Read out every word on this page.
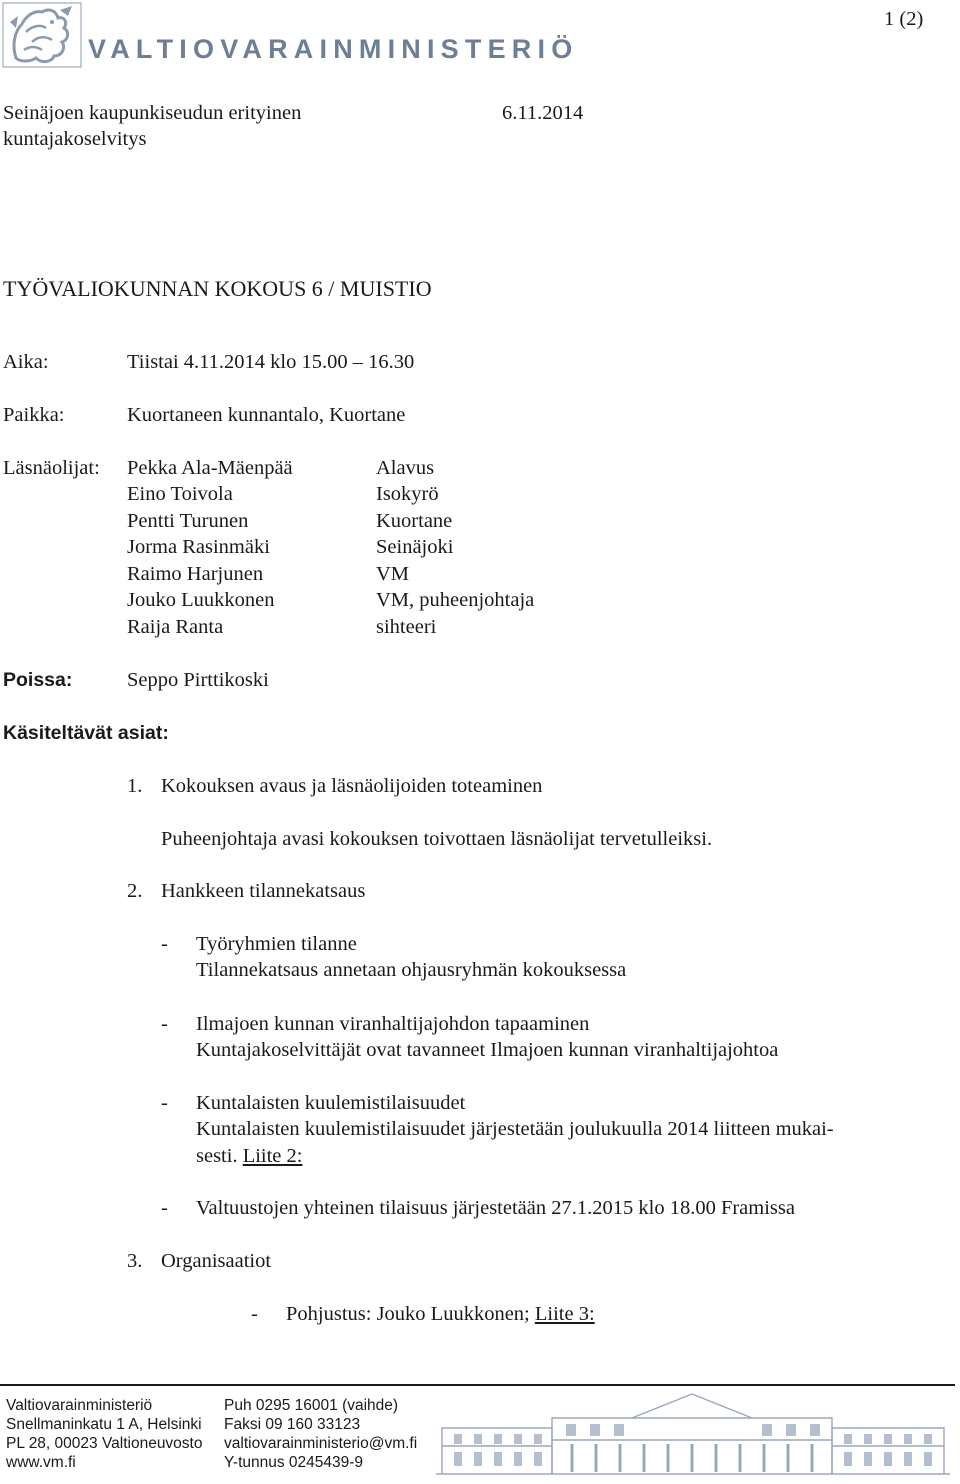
VALTIOVARAINMINISTERIÖ
1 (2)
Seinäjoen kaupunkiseudun erityinen
kuntajakoselvitys
6.11.2014
TYÖVALIOKUNNAN KOKOUS 6 / MUISTIO
Aika:	Tiistai 4.11.2014 klo 15.00 – 16.30
Paikka:	Kuortaneen kunnantalo, Kuortane
Läsnäolijat: Pekka Ala-Mäenpää	Alavus
Eino Toivola	Isokyrö
Pentti Turunen	Kuortane
Jorma Rasinmäki	Seinäjoki
Raimo Harjunen	VM
Jouko Luukkonen	VM, puheenjohtaja
Raija Ranta	sihteeri
Poissa:	Seppo Pirttikoski
Käsiteltävät asiat:
1. Kokouksen avaus ja läsnäolijoiden toteaminen
Puheenjohtaja avasi kokouksen toivottaen läsnäolijat tervetulleiksi.
2. Hankkeen tilannekatsaus
- Työryhmien tilanne
Tilannekatsaus annetaan ohjausryhmän kokouksessa
- Ilmajoen kunnan viranhaltijajohdon tapaaminen
Kuntajakoselvittäjät ovat tavanneet Ilmajoen kunnan viranhaltijajohtoa
- Kuntalaisten kuulemistilaisuudet
Kuntalaisten kuulemistilaisuudet järjestetään joulukuulla 2014 liitteen mukai-
sesti. Liite 2:
- Valtuustojen yhteinen tilaisuus järjestetään 27.1.2015 klo 18.00 Framissa
3. Organisaatiot
- Pohjustus: Jouko Luukkonen; Liite 3:
Valtiovarainministeriö
Snellmaninkatu 1 A, Helsinki
PL 28, 00023 Valtioneuvosto
www.vm.fi
Puh 0295 16001 (vaihde)
Faksi 09 160 33123
valtiovarainministerio@vm.fi
Y-tunnus 0245439-9
